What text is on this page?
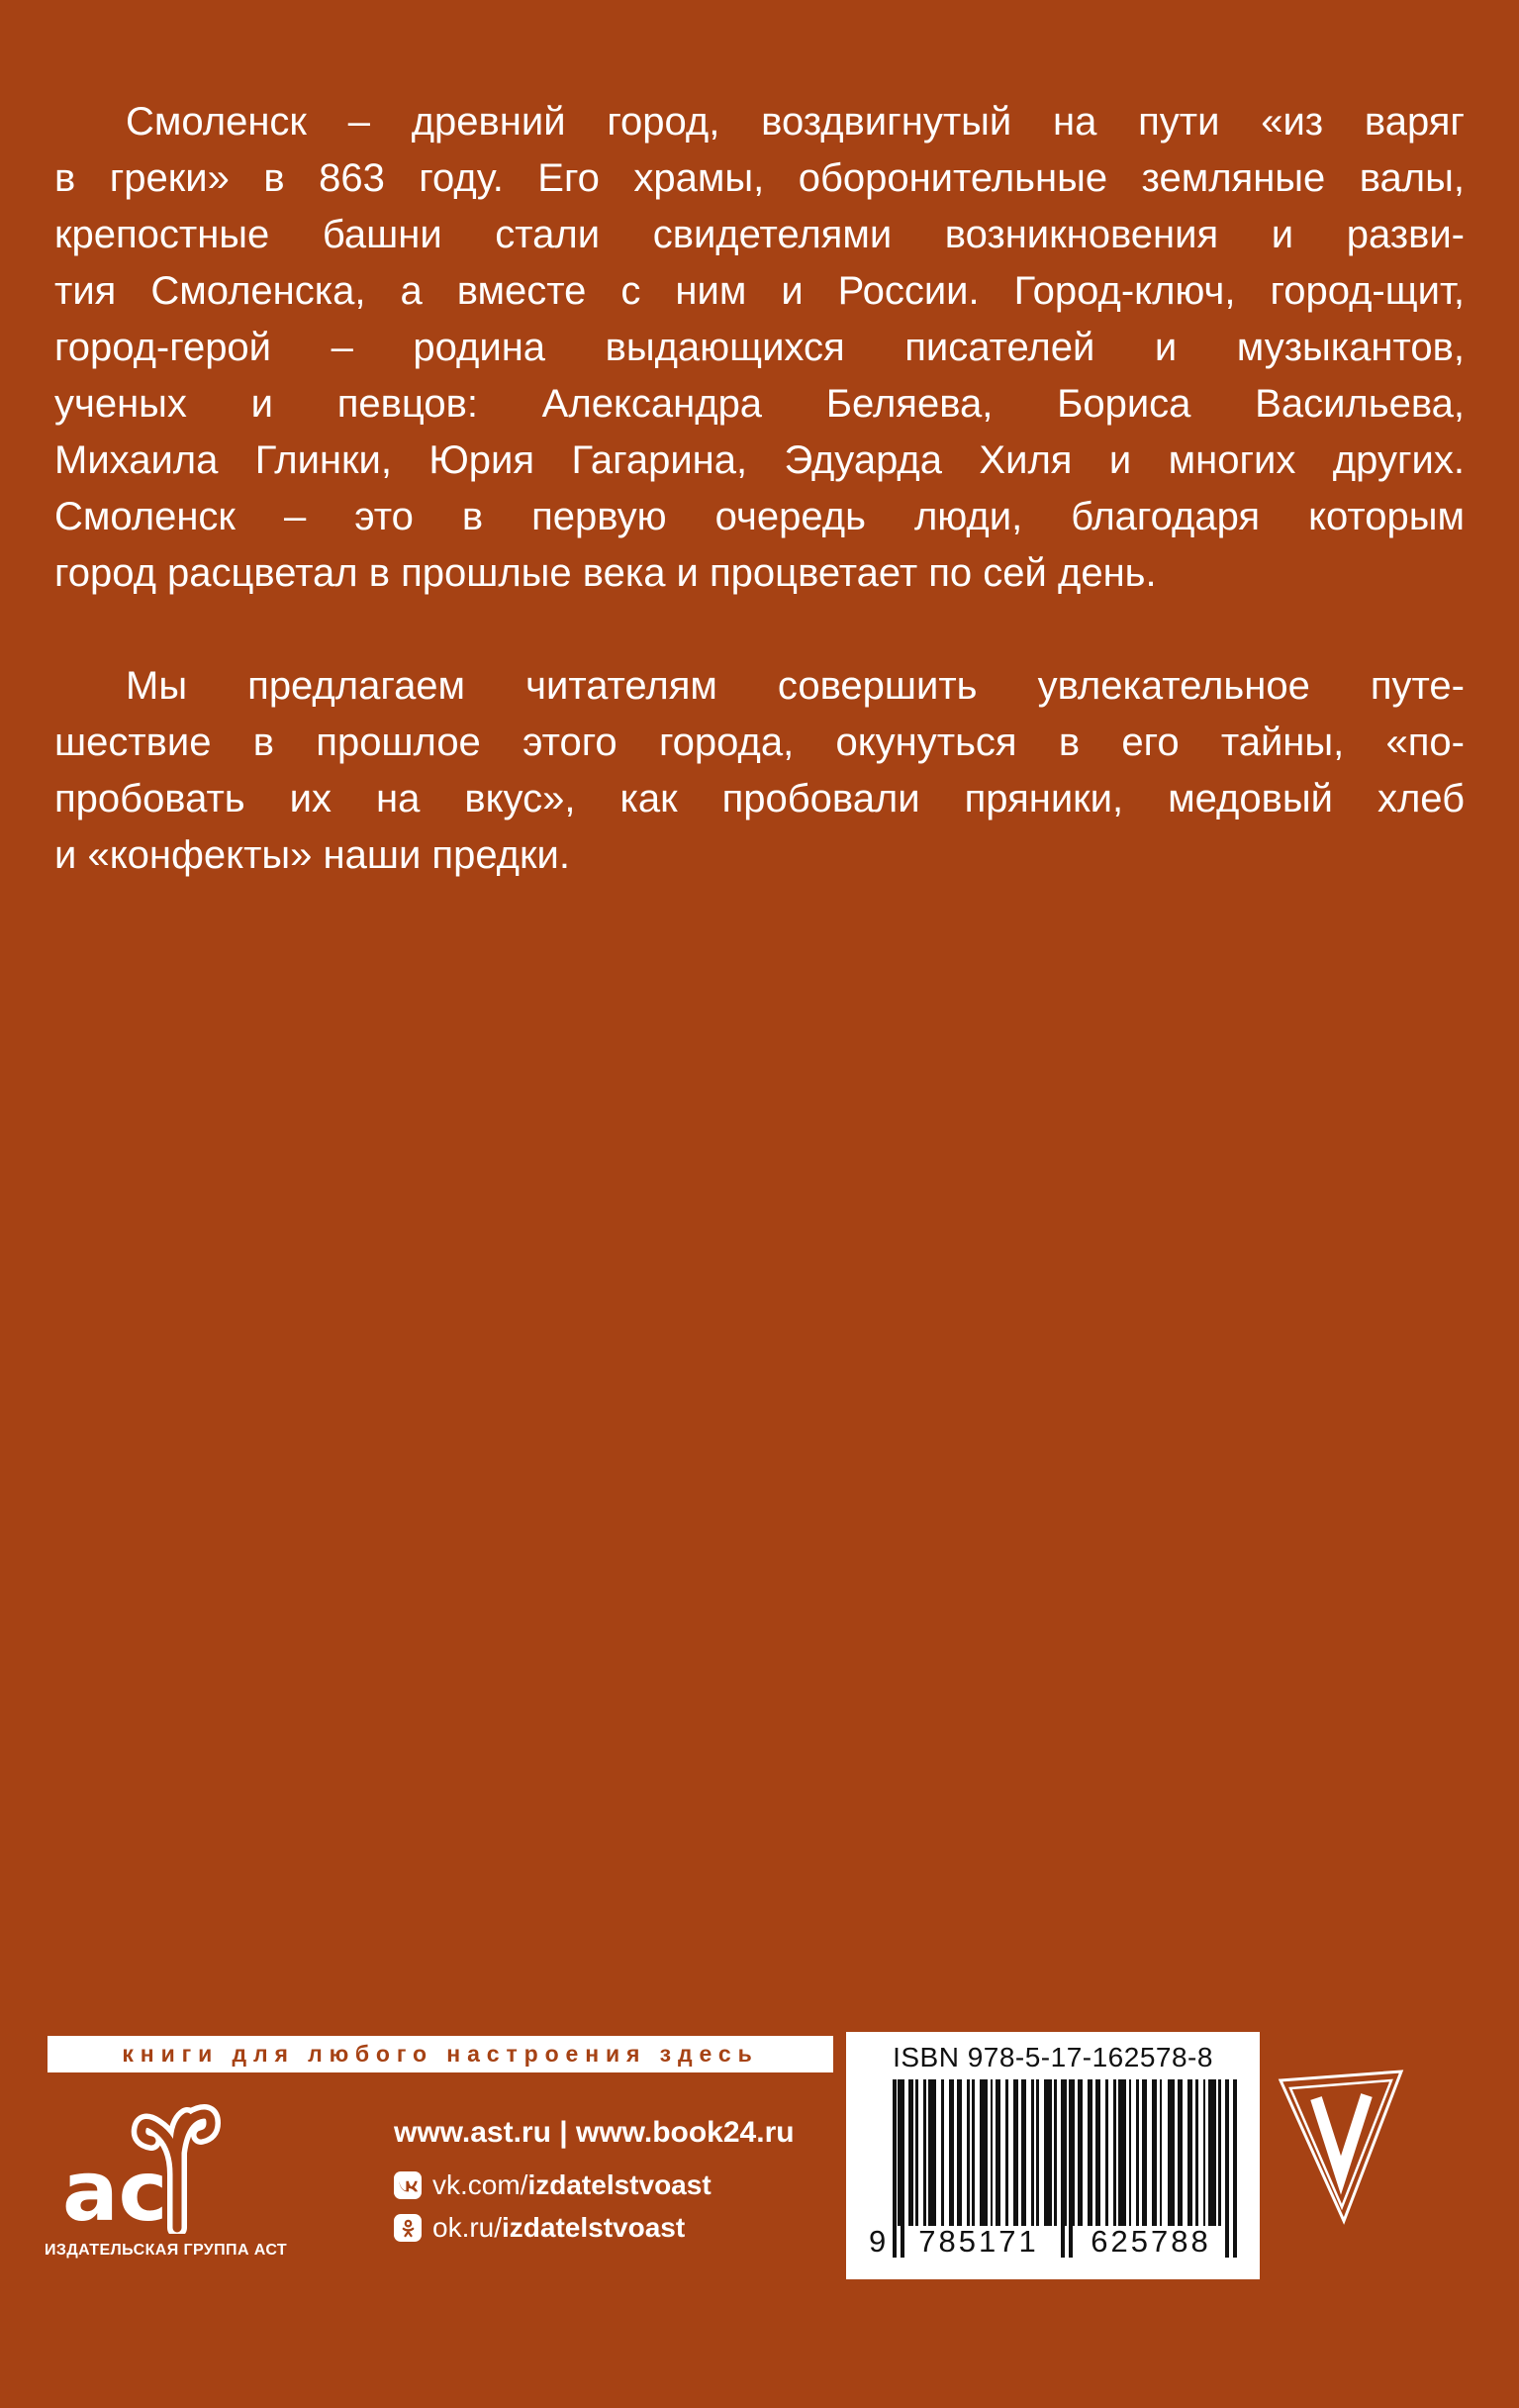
Смоленск – древний город, воздвигнутый на пути «из варяг
в греки» в 863 году. Его храмы, оборонительные земляные валы,
крепостные башни стали свидетелями возникновения и разви-
тия Смоленска, а вместе с ним и России. Город-ключ, город-щит,
город-герой – родина выдающихся писателей и музыкантов,
ученых и певцов: Александра Беляева, Бориса Васильева,
Михаила Глинки, Юрия Гагарина, Эдуарда Хиля и многих других.
Смоленск – это в первую очередь люди, благодаря которым
город расцветал в прошлые века и процветает по сей день.
Мы предлагаем читателям совершить увлекательное путе-
шествие в прошлое этого города, окунуться в его тайны, «по-
пробовать их на вкус», как пробовали пряники, медовый хлеб
и «конфекты» наши предки.
книги для любого настроения здесь
ас
ИЗДАТЕЛЬСКАЯ ГРУППА АСТ
www.ast.ru | www.book24.ru
vk.com/ izdatelstvoast
ok.ru/ izdatelstvoast
ISBN 978-5-17-162578-8
9	785171	625788
